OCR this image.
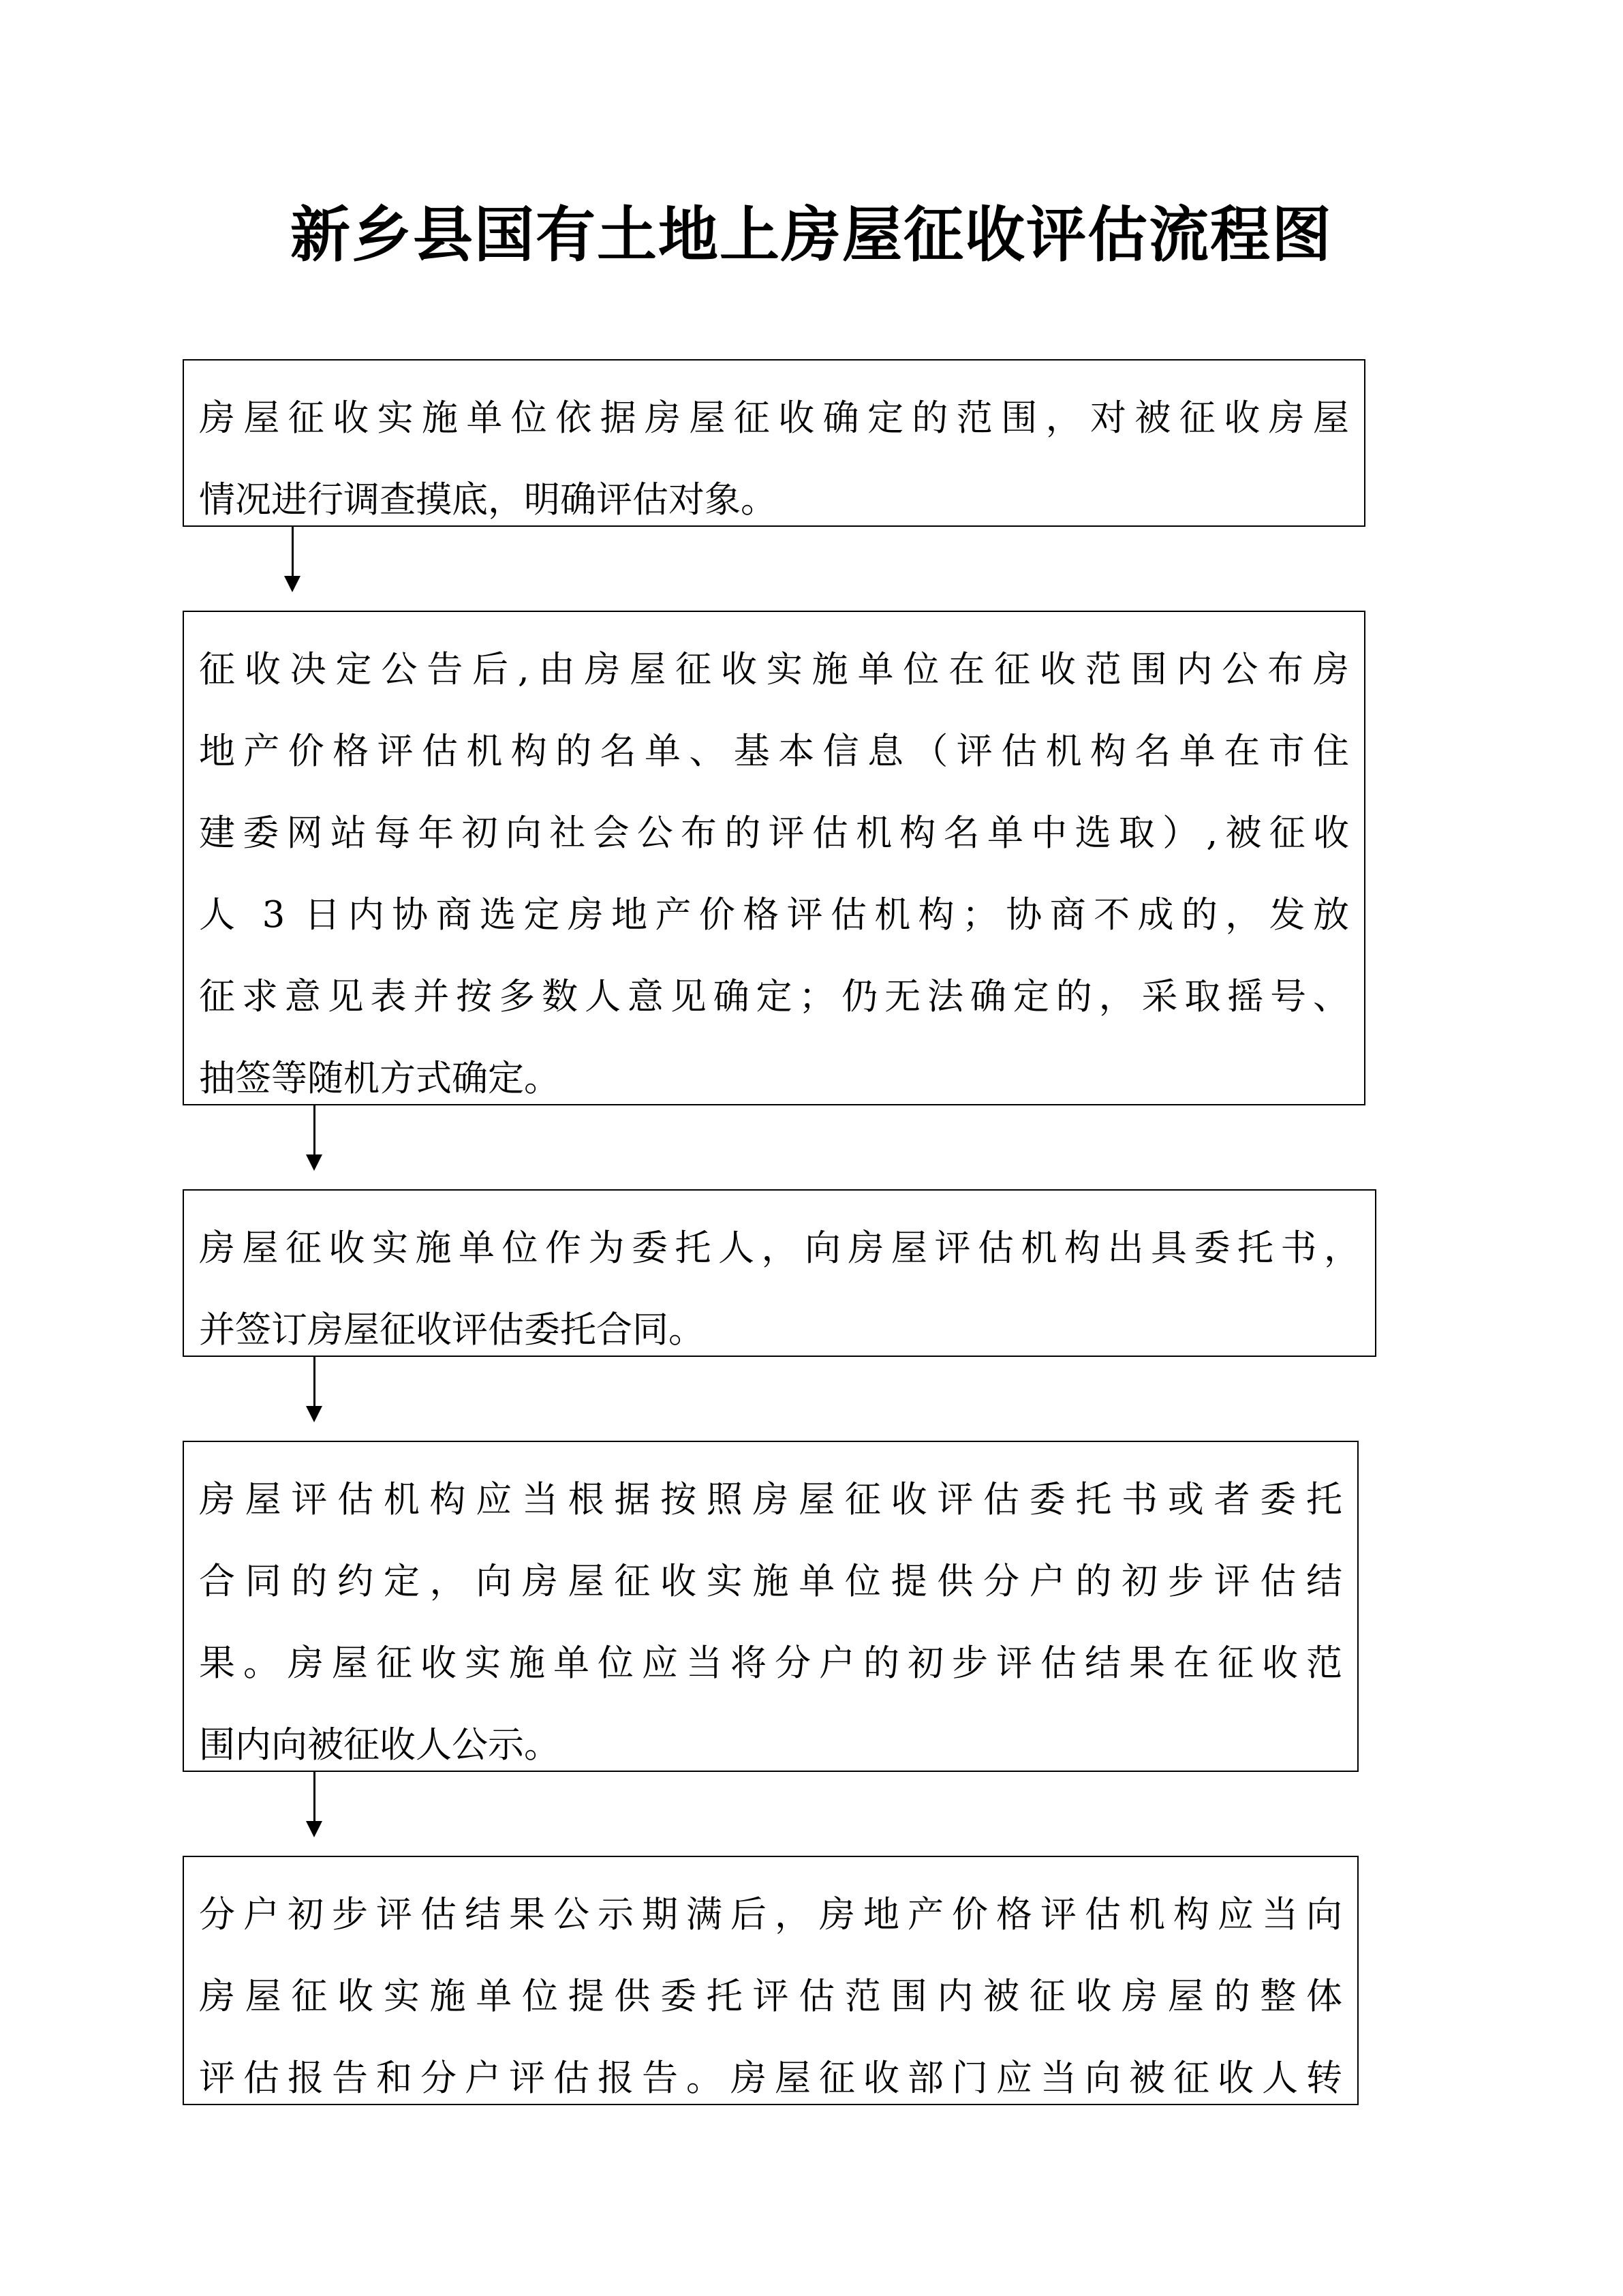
新乡县国有土地上房屋征收评估流程图
房屋征收实施单位依据房屋征收确定的范围，对被征收房屋
情况进行调查摸底，明确评估对象。
征收决定公告后,由房屋征收实施单位在征收范围内公布房
地产价格评估机构的名单、基本信息（评估机构名单在市住
建委网站每年初向社会公布的评估机构名单中选取）,被征收
人 3 日内协商选定房地产价格评估机构；协商不成的，发放
征求意见表并按多数人意见确定；仍无法确定的，采取摇号、
抽签等随机方式确定。
房屋征收实施单位作为委托人，向房屋评估机构出具委托书，
并签订房屋征收评估委托合同。
房屋评估机构应当根据按照房屋征收评估委托书或者委托
合同的约定，向房屋征收实施单位提供分户的初步评估结
果。房屋征收实施单位应当将分户的初步评估结果在征收范
围内向被征收人公示。
分户初步评估结果公示期满后，房地产价格评估机构应当向
房屋征收实施单位提供委托评估范围内被征收房屋的整体
评估报告和分户评估报告。房屋征收部门应当向被征收人转
